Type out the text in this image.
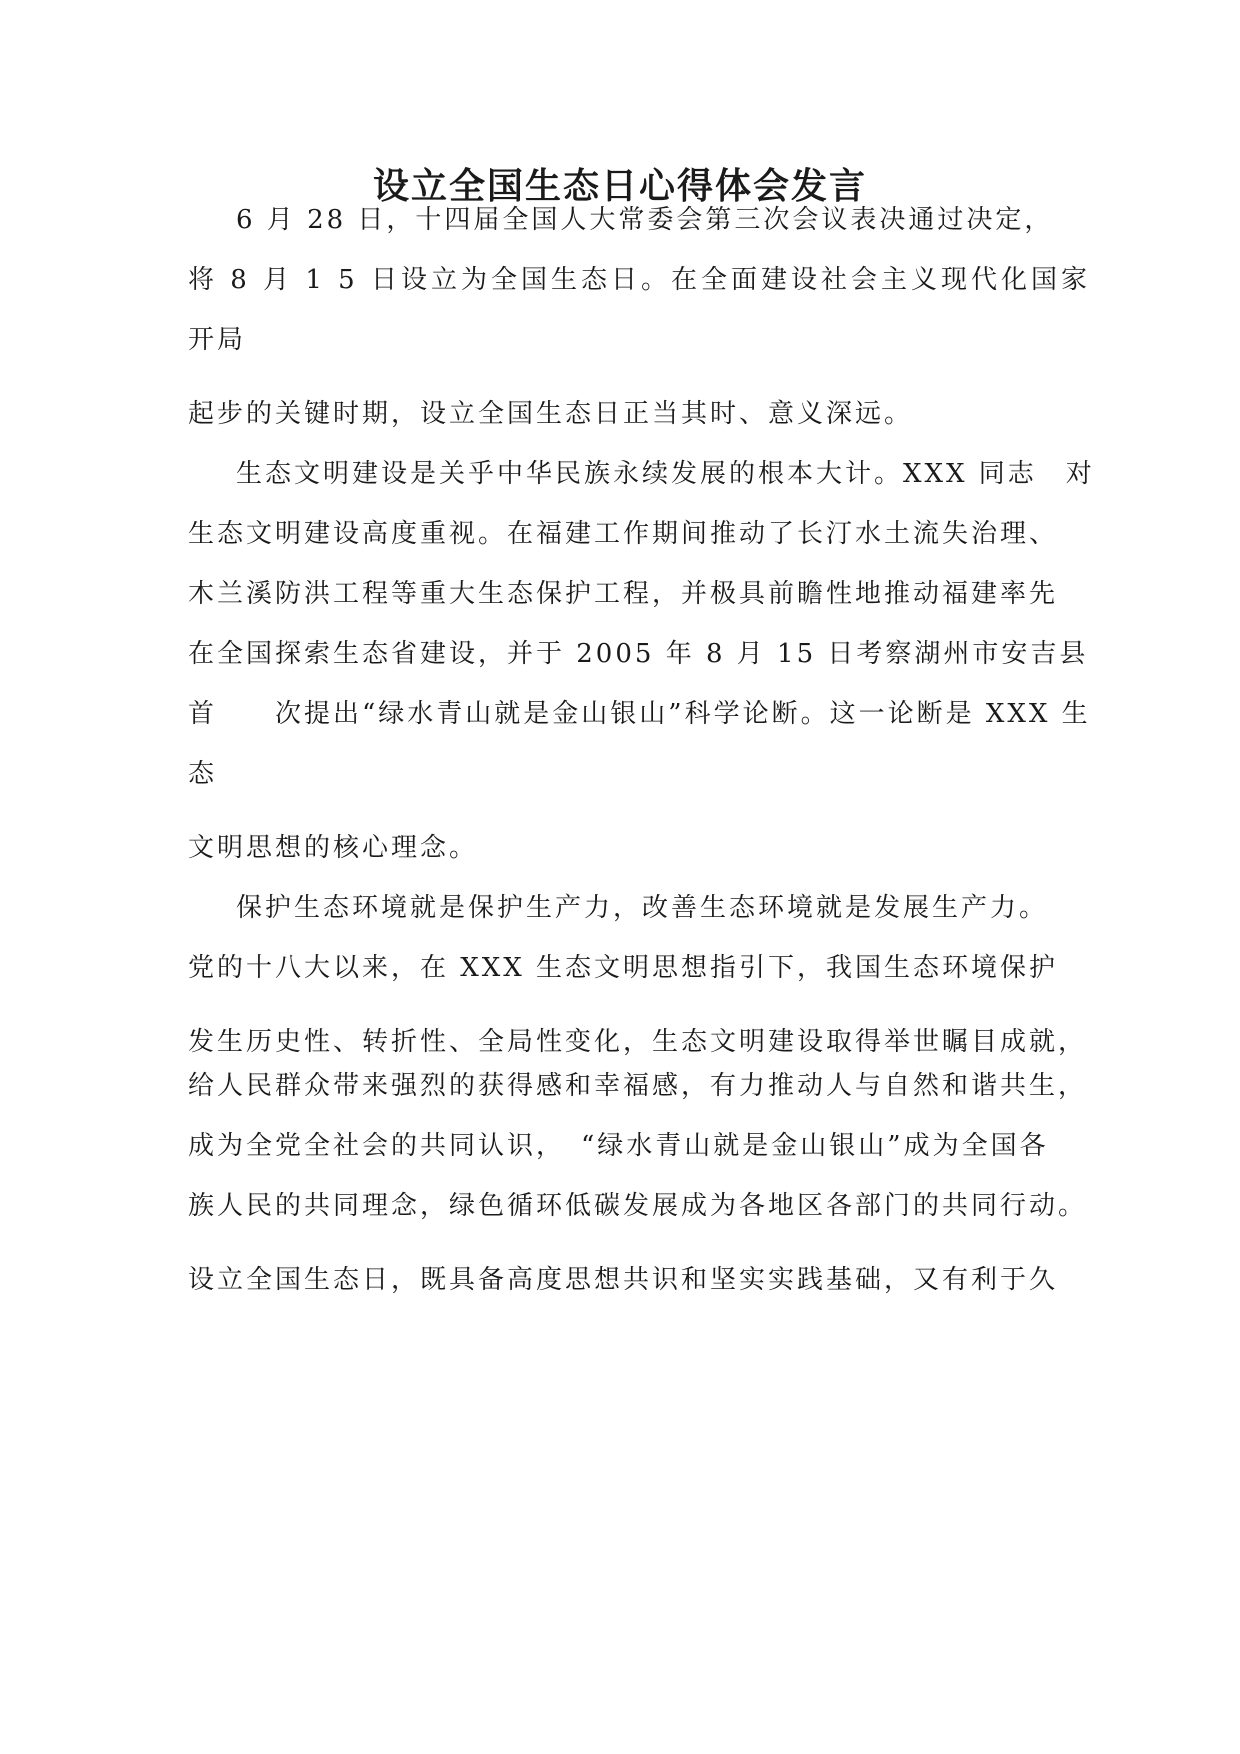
设立全国生态日心得体会发言
6 月 28 日，十四届全国人大常委会第三次会议表决通过决定，
将 8 月 1 5 日设立为全国生态日。在全面建设社会主义现代化国家
开局
起步的关键时期，设立全国生态日正当其时、意义深远。
生态文明建设是关乎中华民族永续发展的根本大计。XXX 同志　对
生态文明建设高度重视。在福建工作期间推动了长汀水土流失治理、
木兰溪防洪工程等重大生态保护工程，并极具前瞻性地推动福建率先
在全国探索生态省建设，并于 2005 年 8 月 15 日考察湖州市安吉县
首　　次提出“绿水青山就是金山银山”科学论断。这一论断是 XXX 生
态
文明思想的核心理念。
保护生态环境就是保护生产力，改善生态环境就是发展生产力。
党的十八大以来，在 XXX 生态文明思想指引下，我国生态环境保护
发生历史性、转折性、全局性变化，生态文明建设取得举世瞩目成就，
给人民群众带来强烈的获得感和幸福感，有力推动人与自然和谐共生，
成为全党全社会的共同认识，　“绿水青山就是金山银山”成为全国各
族人民的共同理念，绿色循环低碳发展成为各地区各部门的共同行动。
设立全国生态日，既具备高度思想共识和坚实实践基础，又有利于久
